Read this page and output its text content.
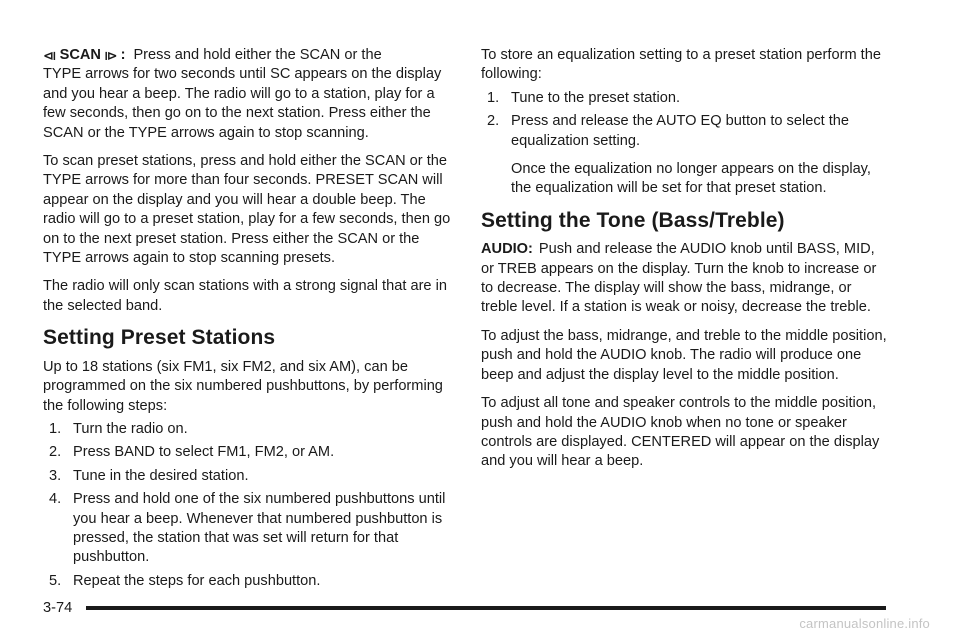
⧏ SCAN ⧐ : Press and hold either the SCAN or the
TYPE arrows for two seconds until SC appears on the display and you hear a beep. The radio will go to a station, play for a few seconds, then go on to the next station. Press either the SCAN or the TYPE arrows again to stop scanning.

To scan preset stations, press and hold either the SCAN or the TYPE arrows for more than four seconds. PRESET SCAN will appear on the display and you will hear a double beep. The radio will go to a preset station, play for a few seconds, then go on to the next preset station. Press either the SCAN or the TYPE arrows again to stop scanning presets.

The radio will only scan stations with a strong signal that are in the selected band.

Setting Preset Stations

Up to 18 stations (six FM1, six FM2, and six AM), can be programmed on the six numbered pushbuttons, by performing the following steps:

1. Turn the radio on.
2. Press BAND to select FM1, FM2, or AM.
3. Tune in the desired station.
4. Press and hold one of the six numbered pushbuttons until you hear a beep. Whenever that numbered pushbutton is pressed, the station that was set will return for that pushbutton.
5. Repeat the steps for each pushbutton.

To store an equalization setting to a preset station perform the following:

1. Tune to the preset station.
2. Press and release the AUTO EQ button to select the equalization setting.

Once the equalization no longer appears on the display, the equalization will be set for that preset station.

Setting the Tone (Bass/Treble)

AUDIO: Push and release the AUDIO knob until BASS, MID, or TREB appears on the display. Turn the knob to increase or to decrease. The display will show the bass, midrange, or treble level. If a station is weak or noisy, decrease the treble.

To adjust the bass, midrange, and treble to the middle position, push and hold the AUDIO knob. The radio will produce one beep and adjust the display level to the middle position.

To adjust all tone and speaker controls to the middle position, push and hold the AUDIO knob when no tone or speaker controls are displayed. CENTERED will appear on the display and you will hear a beep.

3-74
carmanualsonline.info
